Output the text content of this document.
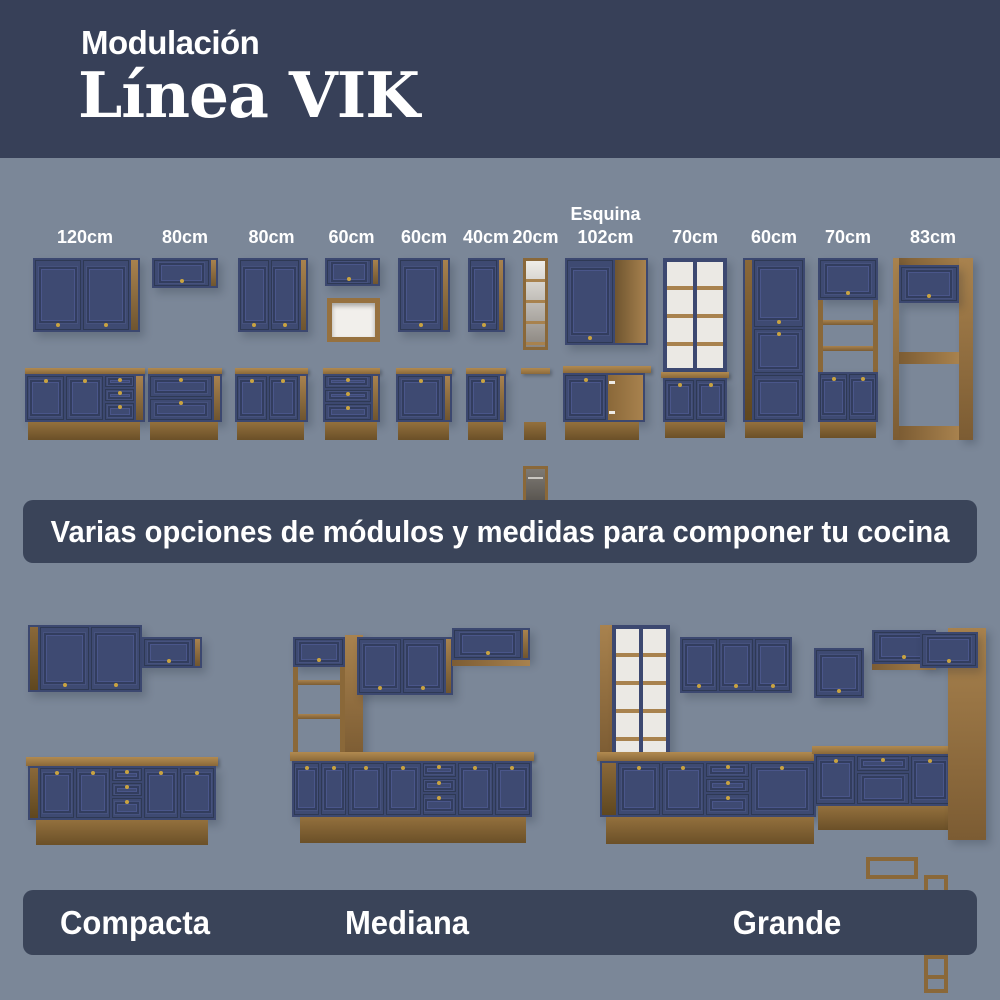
Modulación
Línea VIK
120cm	80cm 80cm 60cm 60cm 40cm 20cm
Esquina
102cm 70cm 60cm 70cm 83cm
Varias opciones de módulos y medidas para componer tu cocina
Compacta	Mediana	Grande
